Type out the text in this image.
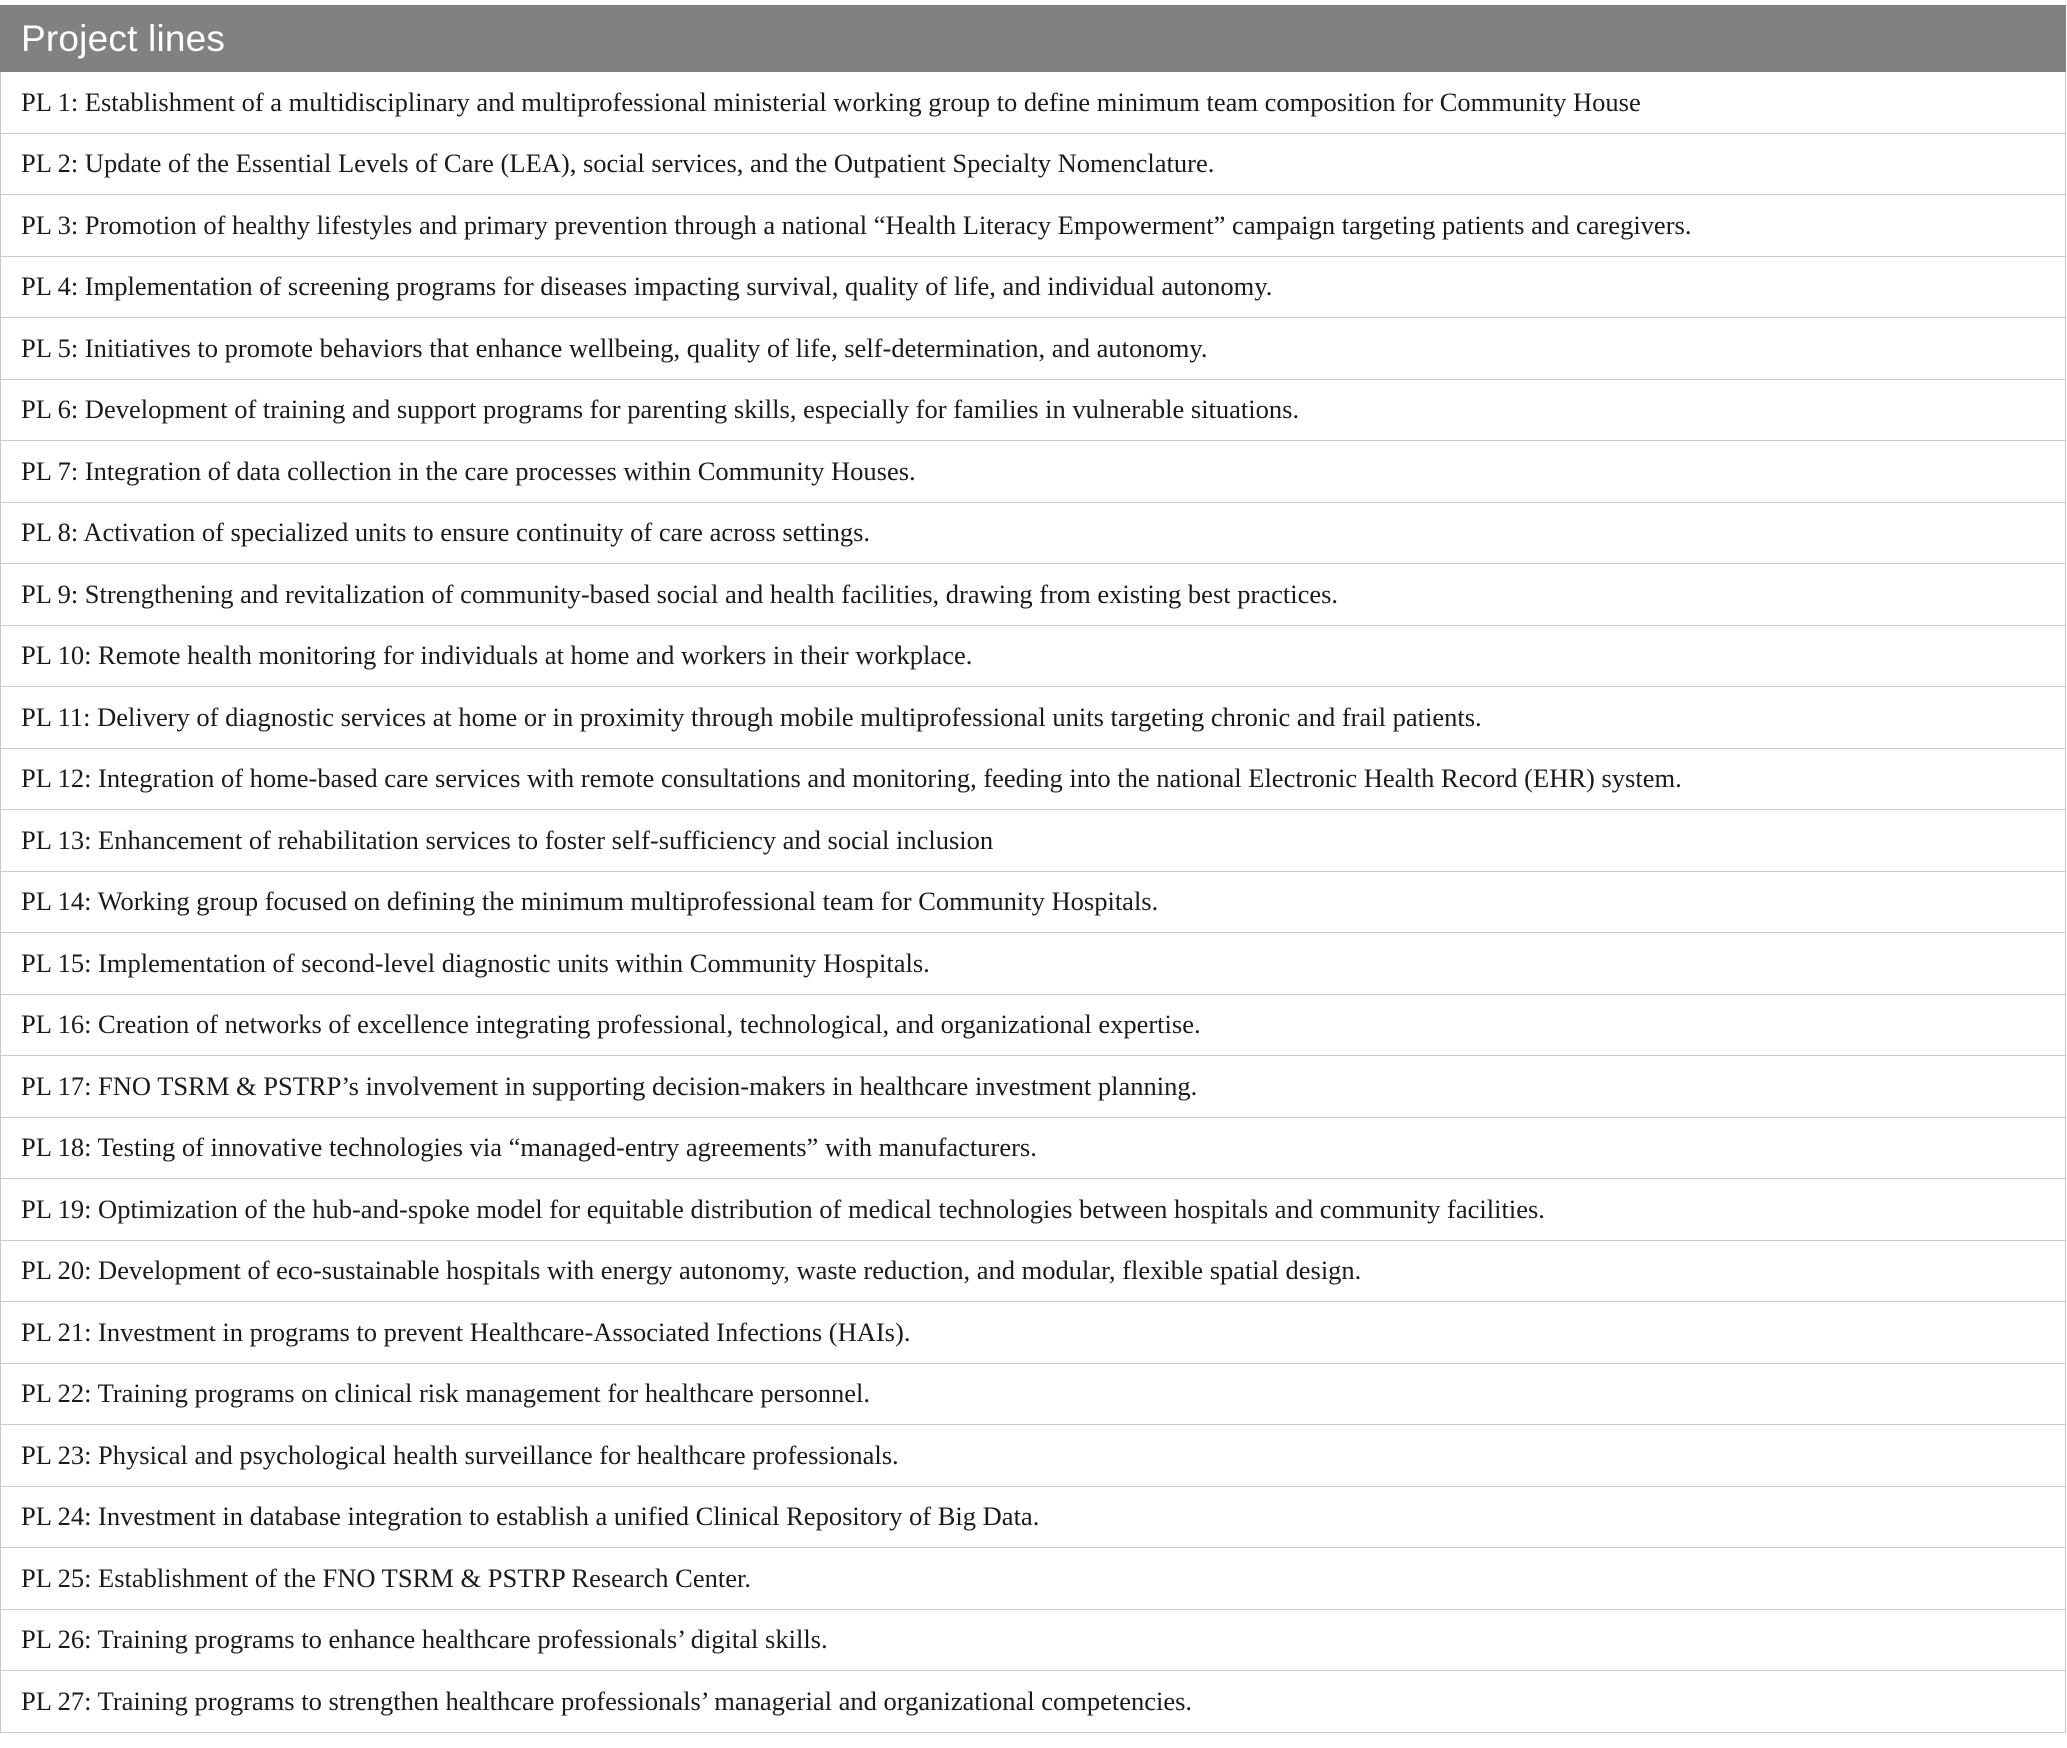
Project lines
PL 1: Establishment of a multidisciplinary and multiprofessional ministerial working group to define minimum team composition for Community House
PL 2: Update of the Essential Levels of Care (LEA), social services, and the Outpatient Specialty Nomenclature.
PL 3: Promotion of healthy lifestyles and primary prevention through a national “Health Literacy Empowerment” campaign targeting patients and caregivers.
PL 4: Implementation of screening programs for diseases impacting survival, quality of life, and individual autonomy.
PL 5: Initiatives to promote behaviors that enhance wellbeing, quality of life, self-determination, and autonomy.
PL 6: Development of training and support programs for parenting skills, especially for families in vulnerable situations.
PL 7: Integration of data collection in the care processes within Community Houses.
PL 8: Activation of specialized units to ensure continuity of care across settings.
PL 9: Strengthening and revitalization of community-based social and health facilities, drawing from existing best practices.
PL 10: Remote health monitoring for individuals at home and workers in their workplace.
PL 11: Delivery of diagnostic services at home or in proximity through mobile multiprofessional units targeting chronic and frail patients.
PL 12: Integration of home-based care services with remote consultations and monitoring, feeding into the national Electronic Health Record (EHR) system.
PL 13: Enhancement of rehabilitation services to foster self-sufficiency and social inclusion
PL 14: Working group focused on defining the minimum multiprofessional team for Community Hospitals.
PL 15: Implementation of second-level diagnostic units within Community Hospitals.
PL 16: Creation of networks of excellence integrating professional, technological, and organizational expertise.
PL 17: FNO TSRM & PSTRP’s involvement in supporting decision-makers in healthcare investment planning.
PL 18: Testing of innovative technologies via “managed-entry agreements” with manufacturers.
PL 19: Optimization of the hub-and-spoke model for equitable distribution of medical technologies between hospitals and community facilities.
PL 20: Development of eco-sustainable hospitals with energy autonomy, waste reduction, and modular, flexible spatial design.
PL 21: Investment in programs to prevent Healthcare-Associated Infections (HAIs).
PL 22: Training programs on clinical risk management for healthcare personnel.
PL 23: Physical and psychological health surveillance for healthcare professionals.
PL 24: Investment in database integration to establish a unified Clinical Repository of Big Data.
PL 25: Establishment of the FNO TSRM & PSTRP Research Center.
PL 26: Training programs to enhance healthcare professionals’ digital skills.
PL 27: Training programs to strengthen healthcare professionals’ managerial and organizational competencies.
